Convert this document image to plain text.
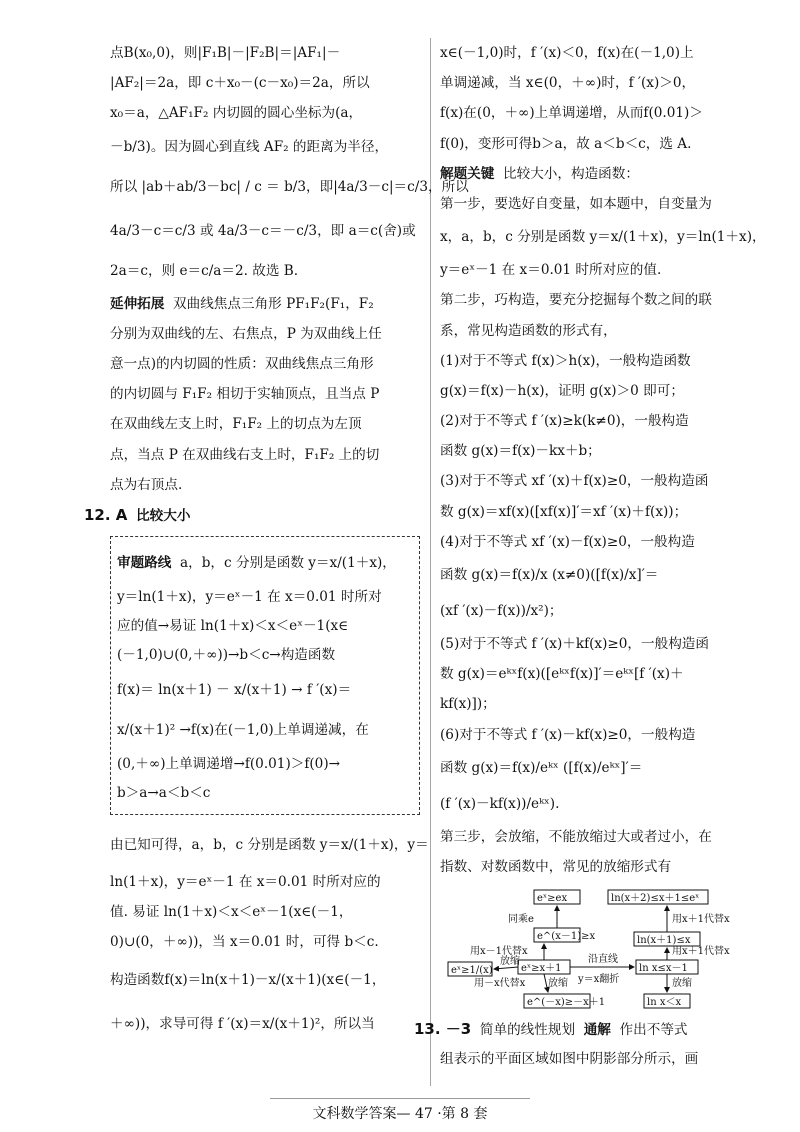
点B(x₀,0)，则|F₁B|－|F₂B|＝|AF₁|－
|AF₂|＝2a，即 c＋x₀－(c－x₀)＝2a，所以
x₀＝a，△AF₁F₂ 内切圆的圆心坐标为(a，
－b/3)。因为圆心到直线 AF₂ 的距离为半径，
所以 |ab＋ab/3－bc| / c ＝ b/3，即|4a/3－c|＝c/3，所以
4a/3－c＝c/3 或 4a/3－c＝－c/3，即 a＝c(舍)或
2a＝c，则 e＝c/a＝2. 故选 B.
延伸拓展 双曲线焦点三角形 PF₁F₂(F₁，F₂
分别为双曲线的左、右焦点，P 为双曲线上任
意一点)的内切圆的性质：双曲线焦点三角形
的内切圆与 F₁F₂ 相切于实轴顶点，且当点 P
在双曲线左支上时，F₁F₂ 上的切点为左顶
点，当点 P 在双曲线右支上时，F₁F₂ 上的切
点为右顶点.
12. A 比较大小
审题路线 a，b，c 分别是函数 y＝x/(1＋x)，
y＝ln(1＋x)，y＝eˣ－1 在 x＝0.01 时所对
应的值→易证 ln(1＋x)＜x＜eˣ－1(x∈
(－1,0)∪(0,＋∞))→b＜c→构造函数
f(x)＝ ln(x＋1) － x/(x＋1) → f ′(x)＝
x/(x＋1)² →f(x)在(－1,0)上单调递减，在
(0,＋∞)上单调递增→f(0.01)＞f(0)→
b＞a→a＜b＜c
由已知可得，a，b，c 分别是函数 y＝x/(1＋x)，y＝
ln(1＋x)，y＝eˣ－1 在 x＝0.01 时所对应的
值. 易证 ln(1＋x)＜x＜eˣ－1(x∈(－1，
0)∪(0，＋∞))，当 x＝0.01 时，可得 b＜c.
构造函数f(x)＝ln(x＋1)－x/(x＋1)(x∈(－1，
＋∞))，求导可得 f ′(x)＝x/(x＋1)²，所以当
x∈(－1,0)时，f ′(x)＜0，f(x)在(－1,0)上
单调递减，当 x∈(0，＋∞)时，f ′(x)＞0，
f(x)在(0，＋∞)上单调递增，从而f(0.01)＞
f(0)，变形可得b＞a，故 a＜b＜c，选 A.
解题关键 比较大小，构造函数：
第一步，要选好自变量，如本题中，自变量为
x，a，b，c 分别是函数 y＝x/(1＋x)，y＝ln(1＋x)，
y＝eˣ－1 在 x＝0.01 时所对应的值.
第二步，巧构造，要充分挖掘每个数之间的联
系，常见构造函数的形式有，
(1)对于不等式 f(x)＞h(x)，一般构造函数
g(x)＝f(x)－h(x)，证明 g(x)＞0 即可；
(2)对于不等式 f ′(x)≥k(k≠0)，一般构造
函数 g(x)＝f(x)－kx＋b；
(3)对于不等式 xf ′(x)＋f(x)≥0，一般构造函
数 g(x)＝xf(x)([xf(x)]′＝xf ′(x)＋f(x))；
(4)对于不等式 xf ′(x)－f(x)≥0，一般构造
函数 g(x)＝f(x)/x (x≠0)([f(x)/x]′＝
(xf ′(x)－f(x))/x²)；
(5)对于不等式 f ′(x)＋kf(x)≥0，一般构造函
数 g(x)＝eᵏˣf(x)([eᵏˣf(x)]′＝eᵏˣ[f ′(x)＋
kf(x)])；
(6)对于不等式 f ′(x)－kf(x)≥0，一般构造
函数 g(x)＝f(x)/eᵏˣ ([f(x)/eᵏˣ]′＝
(f ′(x)－kf(x))/eᵏˣ).
第三步，会放缩，不能放缩过大或者过小，在
指数、对数函数中，常见的放缩形式有
eˣ≥ex	ln(x＋2)≤x＋1≤eˣ
e^(x－1)≥x	ln(x＋1)≤x
eˣ≥x＋1	ln x≤x－1
eˣ≥1/(x)
e^(－x)≥－x＋1	ln x＜x
同乘e	用x＋1代替x
用x－1代替x
放缩	沿直线
用x＋1代替x
用－x代替x 放缩 y＝x翻折	放缩
13. －3 简单的线性规划 通解 作出不等式
组表示的平面区域如图中阴影部分所示，画
文科数学答案— 47 ·第 8 套
